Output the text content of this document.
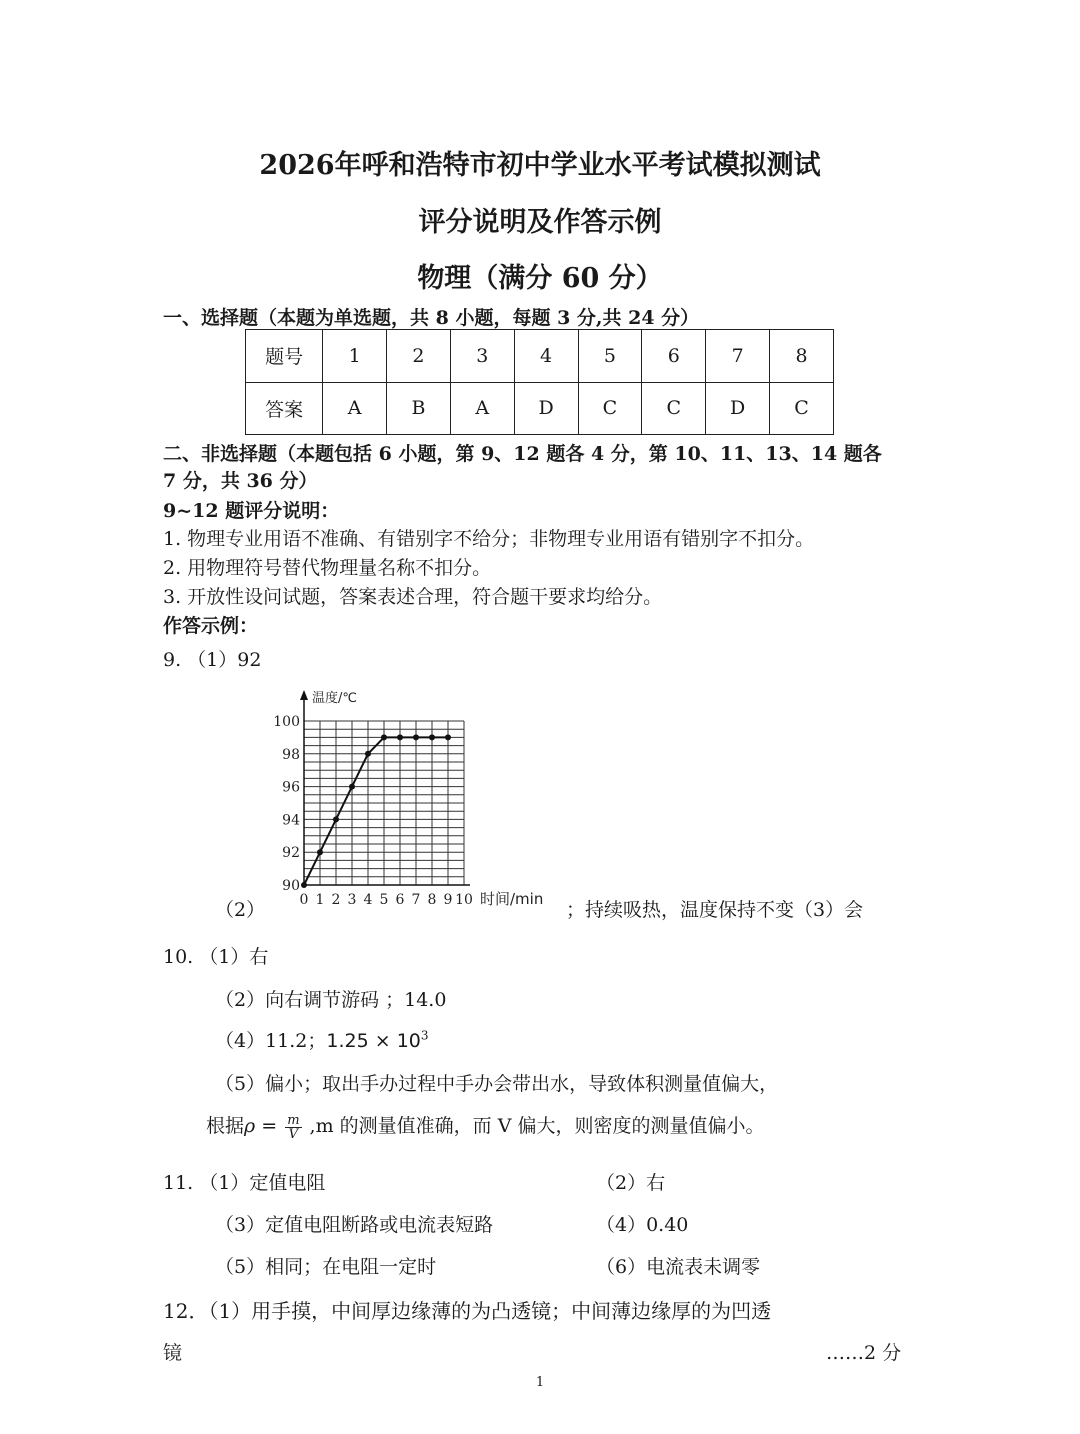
2026年呼和浩特市初中学业水平考试模拟测试
评分说明及作答示例
物理（满分 60 分）
一、选择题（本题为单选题，共 8 小题，每题 3 分,共 24 分）
题号	1	2	3	4	5	6	7	8
答案	A	B	A	D	C	C	D	C
二、非选择题（本题包括 6 小题，第 9、12 题各 4 分，第 10、11、13、14 题各
7 分，共 36 分）
9~12 题评分说明：
1. 物理专业用语不准确、有错别字不给分；非物理专业用语有错别字不扣分。
2. 用物理符号替代物理量名称不扣分。
3. 开放性设问试题，答案表述合理，符合题干要求均给分。
作答示例：
9. （1）92
0 1 2 3 4 5 6 7 8 9 10
90
92
94
96
98
100
温度/℃
时间/min
（2）	；持续吸热，温度保持不变（3）会
10. （1）右
（2）向右调节游码 ；14.0
（4）11.2；$1.25 \times 10^3$
（5）偏小；取出手办过程中手办会带出水，导致体积测量值偏大，
根据$\rho = \frac{m}{V} ,m$ 的测量值准确，而 V 偏大，则密度的测量值偏小。
11. （1）定值电阻	（2）右
（3）定值电阻断路或电流表短路	（4）0.40
（5）相同；在电阻一定时	（6）电流表未调零
12．（1）用手摸，中间厚边缘薄的为凸透镜；中间薄边缘厚的为凹透
镜	……2 分
1
